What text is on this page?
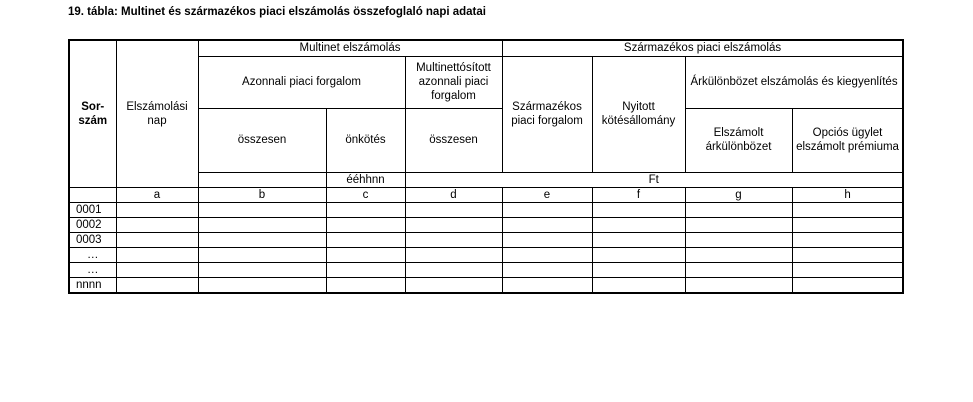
19. tábla: Multinet és származékos piaci elszámolás összefoglaló napi adatai
Sor-
szám	Elszámolási nap	Multinet elszámolás			Származékos piaci elszámolás			
		Azonnali piaci forgalom		Multinettósított azonnali piaci forgalom	Származékos piaci forgalom	Nyitott kötésállomány	Árkülönbözet elszámolás és kiegyenlítés	
		összesen	önkötés	összesen			Elszámolt árkülönbözet	Opciós ügylet elszámolt prémiuma
			ééhhnn	Ft				
	a	b	c	d	e	f	g	h
0001								
0002								
0003								
…								
…								
nnnn								
